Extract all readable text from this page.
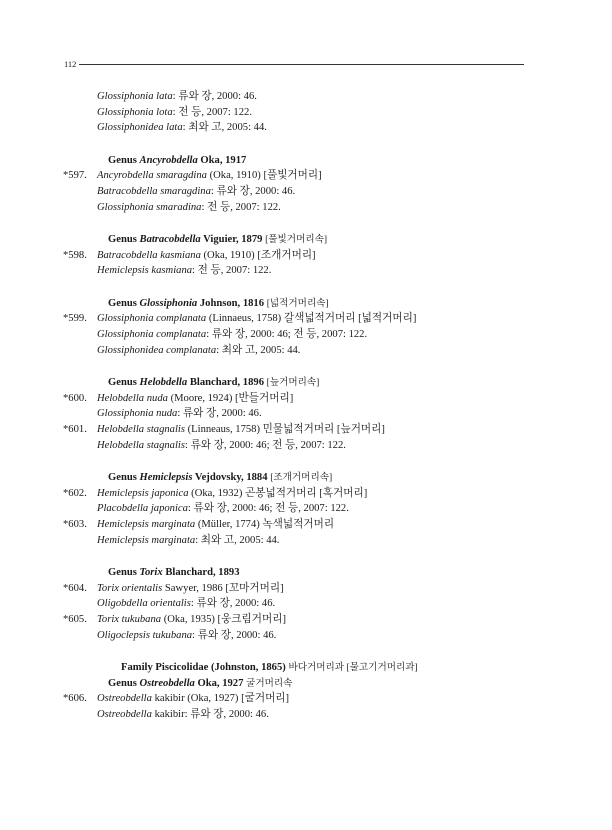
112
Glossiphonia lata: 류와 장, 2000: 46.
Glossiphonia lota: 전 등, 2007: 122.
Glossiphonidea lata: 최와 고, 2005: 44.
Genus Ancyrobdella Oka, 1917
*597. Ancyrobdella smaragdina (Oka, 1910) [풀빛거머리]
Batracobdella smaragdina: 류와 장, 2000: 46.
Glossiphonia smaradina: 전 등, 2007: 122.
Genus Batracobdella Viguier, 1879 [풀빛거머리속]
*598. Batracobdella kasmiana (Oka, 1910) [조개거머리]
Hemiclepsis kasmiana: 전 등, 2007: 122.
Genus Glossiphonia Johnson, 1816 [넓적거머리속]
*599. Glossiphonia complanata (Linnaeus, 1758) 갈색넓적거머리 [넓적거머리]
Glossiphonia complanata: 류와 장, 2000: 46; 전 등, 2007: 122.
Glossiphonidea complanata: 최와 고, 2005: 44.
Genus Helobdella Blanchard, 1896 [늪거머리속]
*600. Helobdella nuda (Moore, 1924) [반들거머리]
Glossiphonia nuda: 류와 장, 2000: 46.
*601. Helobdella stagnalis (Linneaus, 1758) 민물넓적거머리 [늪거머리]
Helobdella stagnalis: 류와 장, 2000: 46; 전 등, 2007: 122.
Genus Hemiclepsis Vejdovsky, 1884 [조개거머리속]
*602. Hemiclepsis japonica (Oka, 1932) 곤봉넓적거머리 [혹거머리]
Placobdella japonica: 류와 장, 2000: 46; 전 등, 2007: 122.
*603. Hemiclepsis marginata (Müller, 1774) 녹색넓적거머리
Hemiclepsis marginata: 최와 고, 2005: 44.
Genus Torix Blanchard, 1893
*604. Torix orientalis Sawyer, 1986 [꼬마거머리]
Oligobdella orientalis: 류와 장, 2000: 46.
*605. Torix tukubana (Oka, 1935) [웅크림거머리]
Oligoclepsis tukubana: 류와 장, 2000: 46.
Family Piscicolidae (Johnston, 1865) 바다거머리과 [물고기거머리과]
Genus Ostreobdella Oka, 1927 굴거머리속
*606. Ostreobdella kakibir (Oka, 1927) [굴거머리]
Ostreobdella kakibir: 류와 장, 2000: 46.
